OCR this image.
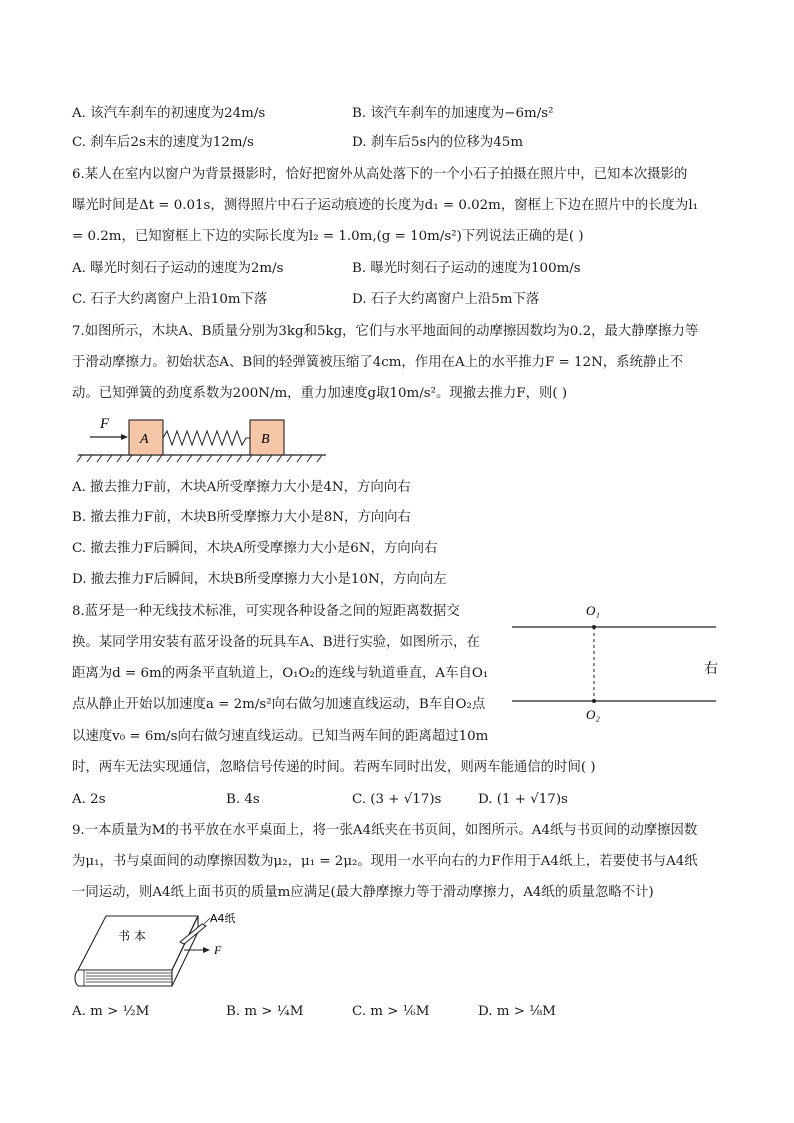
A. 该汽车刹车的初速度为24m/s	B. 该汽车刹车的加速度为−6m/s²
C. 刹车后2s末的速度为12m/s	D. 刹车后5s内的位移为45m
6.某人在室内以窗户为背景摄影时，恰好把窗外从高处落下的一个小石子拍摄在照片中，已知本次摄影的
曝光时间是Δt = 0.01s，测得照片中石子运动痕迹的长度为d₁ = 0.02m，窗框上下边在照片中的长度为l₁
= 0.2m，已知窗框上下边的实际长度为l₂ = 1.0m,(g = 10m/s²)下列说法正确的是( )
A. 曝光时刻石子运动的速度为2m/s	B. 曝光时刻石子运动的速度为100m/s
C. 石子大约离窗户上沿10m下落	D. 石子大约离窗户上沿5m下落
7.如图所示，木块A、B质量分别为3kg和5kg，它们与水平地面间的动摩擦因数均为0.2，最大静摩擦力等
于滑动摩擦力。初始状态A、B间的轻弹簧被压缩了4cm，作用在A上的水平推力F = 12N，系统静止不
动。已知弹簧的劲度系数为200N/m，重力加速度g取10m/s²。现撤去推力F，则( )
F
A	B
A. 撤去推力F前，木块A所受摩擦力大小是4N，方向向右
B. 撤去推力F前，木块B所受摩擦力大小是8N，方向向右
C. 撤去推力F后瞬间，木块A所受摩擦力大小是6N，方向向右
D. 撤去推力F后瞬间，木块B所受摩擦力大小是10N，方向向左
8.蓝牙是一种无线技术标准，可实现各种设备之间的短距离数据交
换。某同学用安装有蓝牙设备的玩具车A、B进行实验，如图所示，在
距离为d = 6m的两条平直轨道上，O₁O₂的连线与轨道垂直，A车自O₁
点从静止开始以加速度a = 2m/s²向右做匀加速直线运动，B车自O₂点
以速度v₀ = 6m/s向右做匀速直线运动。已知当两车间的距离超过10m
时，两车无法实现通信，忽略信号传递的时间。若两车同时出发，则两车能通信的时间( )
O₁
O₂
右
A. 2s	B. 4s	C. (3 + √17)s	D. (1 + √17)s
9.一本质量为M的书平放在水平桌面上，将一张A4纸夹在书页间，如图所示。A4纸与书页间的动摩擦因数
为μ₁，书与桌面间的动摩擦因数为μ₂，μ₁ = 2μ₂。现用一水平向右的力F作用于A4纸上，若要使书与A4纸
一同运动，则A4纸上面书页的质量m应满足(最大静摩擦力等于滑动摩擦力，A4纸的质量忽略不计)
A4纸
F
书 本
A. m > ½M	B. m > ¼M	C. m > ⅙M	D. m > ⅛M
